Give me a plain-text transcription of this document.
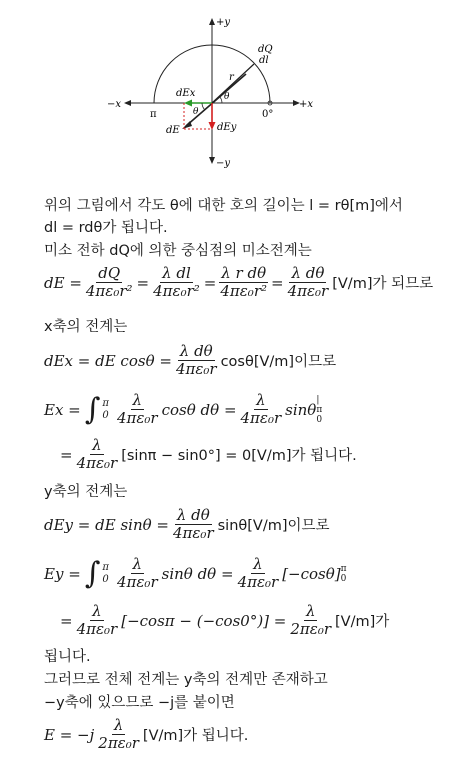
+y
−y
+x
−x
dQ
dl
r
θ
θ
dEx
dEy
dE
π	0°
위의 그림에서 각도 θ에 대한 호의 길이는 l = rθ[m]에서
dl = rdθ가 됩니다.
미소 전하 dQ에 의한 중심점의 미소전계는
dE = $\frac{dQ}{\text{4πε₀r²}} = \frac{\text{λ dl}}{\text{4πε₀r²}} = \frac{\text{λ r dθ}}{\text{4πε₀r²}} = \frac{\text{λ dθ}}{\text{4πε₀r}} [V/m]$가 되므로
x축의 전계는
dEx = dE $\cos\theta = \frac{\text{λ dθ}}{\text{4πε₀r}} \cos\theta[V/m]$이므로
Ex = ∫ π
$0 \frac{\lambda}{\text{4πε₀r}}$ cosθ $d\theta = \frac{\lambda}{\text{4πε₀r}}$ sinθ
|
π
0
= $\frac{\lambda}{\text{4πε₀r}} [\sin\pi - \sin 0^\circ] = 0[V/m]$가 됩니다.
y축의 전계는
dEy = dE $\sin\theta = \frac{\text{λ dθ}}{\text{4πε₀r}} \sin\theta[V/m]$이므로
Ey = ∫ π
$0 \frac{\lambda}{\text{4πε₀r}}$ sinθ $d\theta = \frac{\lambda}{\text{4πε₀r}} [-\cos\theta]$ π
0
= $\frac{\lambda}{\text{4πε₀r}} [-\cos\pi - (-\cos 0^\circ)] = \frac{\lambda}{\text{2πε₀r}} [V/m]$가
됩니다.
그러므로 전체 전계는 y축의 전계만 존재하고
−y축에 있으므로 −j를 붙이면
$E = -j \frac{\lambda}{\text{2πε₀r}} [V/m]$가 됩니다.
